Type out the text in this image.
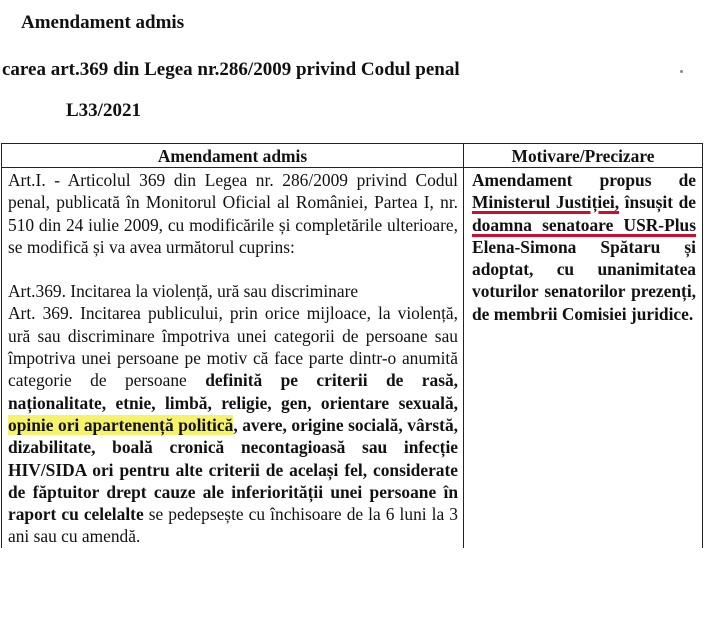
Amendament admis
carea art.369 din Legea nr.286/2009 privind Codul penal
L33/2021
Amendament admis	Motivare/Precizare

Art.I. - Articolul 369 din Legea nr. 286/2009 privind Codul penal, publicată în Monitorul Oficial al României, Partea I, nr. 510 din 24 iulie 2009, cu modificările și completările ulterioare, se modifică și va avea următorul cuprins:

Art.369. Incitarea la violență, ură sau discriminare

Art. 369. Incitarea publicului, prin orice mijloace, la violență, ură sau discriminare împotriva unei categorii de persoane sau împotriva unei persoane pe motiv că face parte dintr-o anumită categorie de persoane definită pe criterii de rasă, naționalitate, etnie, limbă, religie, gen, orientare sexuală, opinie ori apartenență politică, avere, origine socială, vârstă, dizabilitate, boală cronică necontagioasă sau infecție HIV/SIDA ori pentru alte criterii de același fel, considerate de făptuitor drept cauze ale inferiorității unei persoane în raport cu celelalte se pedepsește cu închisoare de la 6 luni la 3 ani sau cu amendă.	Amendament propus de Ministerul Justiției, însușit de doamna senatoare USR-Plus Elena-Simona Spătaru și adoptat, cu unanimitatea voturilor senatorilor prezenți, de membrii Comisiei juridice.
